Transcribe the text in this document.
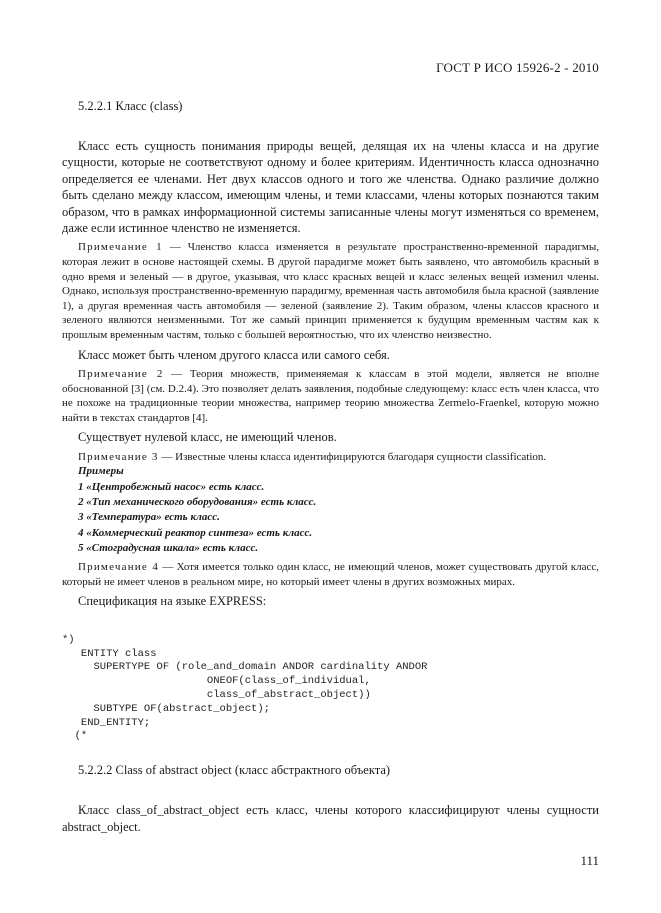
ГОСТ Р ИСО 15926-2 - 2010

5.2.2.1 Класс (class)

Класс есть сущность понимания природы вещей, делящая их на члены класса и на другие сущности, которые не соответствуют одному и более критериям. Идентичность класса однозначно определяется ее членами. Нет двух классов одного и того же членства. Однако различие должно быть сделано между классом, имеющим члены, и теми классами, члены которых познаются таким образом, что в рамках информационной системы записанные члены могут изменяться со временем, даже если истинное членство не изменяется.

Примечание 1 — Членство класса изменяется в результате пространственно-временной парадигмы, которая лежит в основе настоящей схемы. В другой парадигме может быть заявлено, что автомобиль красный в одно время и зеленый — в другое, указывая, что класс красных вещей и класс зеленых вещей изменил члены. Однако, используя пространственно-временную парадигму, временная часть автомобиля была красной (заявление 1), а другая временная часть автомобиля — зеленой (заявление 2). Таким образом, члены классов красного и зеленого являются неизменными. Тот же самый принцип применяется к будущим временным частям как к прошлым временным частям, только с большей вероятностью, что их членство неизвестно.

Класс может быть членом другого класса или самого себя.

Примечание 2 — Теория множеств, применяемая к классам в этой модели, является не вполне обоснованной [3] (см. D.2.4). Это позволяет делать заявления, подобные следующему: класс есть член класса, что не похоже на традиционные теории множества, например теорию множества Zermelo-Fraenkel, которую можно найти в текстах стандартов [4].

Существует нулевой класс, не имеющий членов.

Примечание 3 — Известные члены класса идентифицируются благодаря сущности classification.

Примеры

1 «Центробежный насос» есть класс.

2 «Тип механического оборудования» есть класс.

3 «Температура» есть класс.

4 «Коммерческий реактор синтеза» есть класс.

5 «Стоградусная шкала» есть класс.

Примечание 4 — Хотя имеется только один класс, не имеющий членов, может существовать другой класс, который не имеет членов в реальном мире, но который имеет члены в других возможных мирах.

Спецификация на языке EXPRESS:

*)
ENTITY class
SUPERTYPE OF (role_and_domain ANDOR cardinality ANDOR
ONEOF(class_of_individual,
class_of_abstract_object))
SUBTYPE OF(abstract_object);
END_ENTITY;
(*

5.2.2.2 Class of abstract object (класс абстрактного объекта)

Класс class_of_abstract_object есть класс, члены которого классифицируют члены сущности abstract_object.

111
